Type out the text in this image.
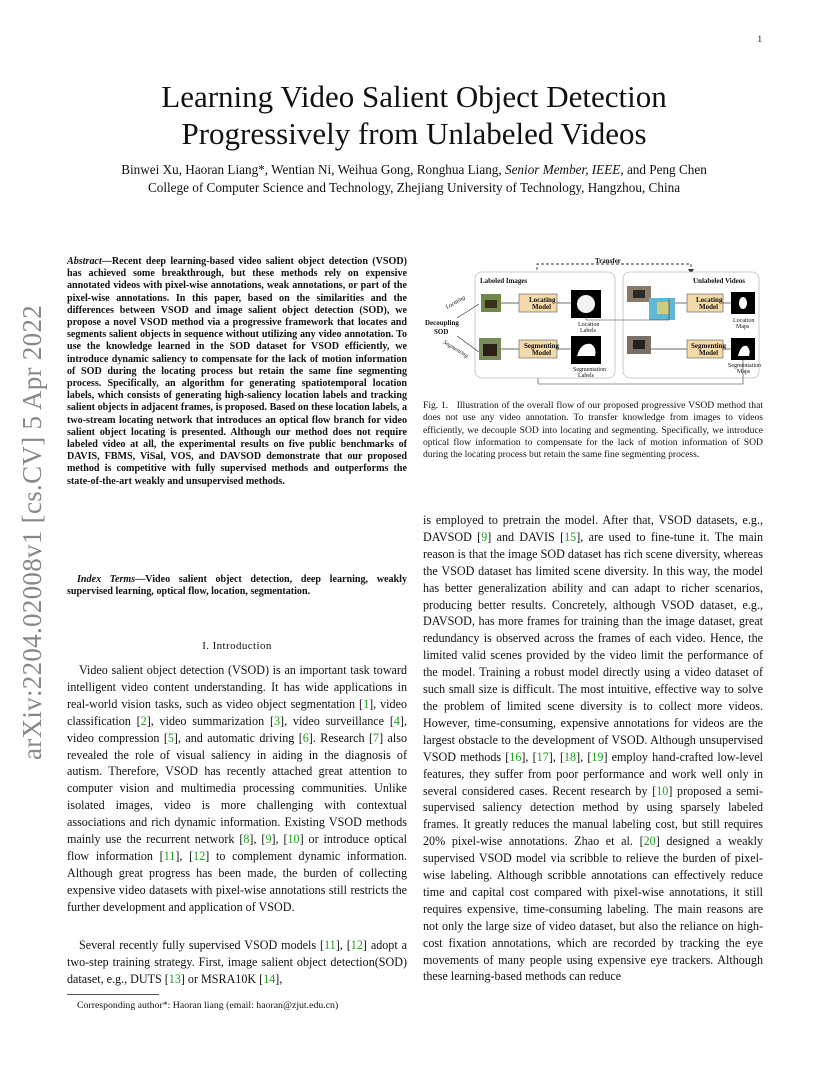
1
Learning Video Salient Object Detection
Progressively from Unlabeled Videos
Binwei Xu, Haoran Liang*, Wentian Ni, Weihua Gong, Ronghua Liang, Senior Member, IEEE, and Peng Chen
College of Computer Science and Technology, Zhejiang University of Technology, Hangzhou, China
arXiv:2204.02008v1 [cs.CV] 5 Apr 2022
Abstract—Recent deep learning-based video salient object detection (VSOD) has achieved some breakthrough, but these methods rely on expensive annotated videos with pixel-wise annotations, weak annotations, or part of the pixel-wise annotations. In this paper, based on the similarities and the differences between VSOD and image salient object detection (SOD), we propose a novel VSOD method via a progressive framework that locates and segments salient objects in sequence without utilizing any video annotation. To use the knowledge learned in the SOD dataset for VSOD efficiently, we introduce dynamic saliency to compensate for the lack of motion information of SOD during the locating process but retain the same fine segmenting process. Specifically, an algorithm for generating spatiotemporal location labels, which consists of generating high-saliency location labels and tracking salient objects in adjacent frames, is proposed. Based on these location labels, a two-stream locating network that introduces an optical flow branch for video salient object locating is presented. Although our method does not require labeled video at all, the experimental results on five public benchmarks of DAVIS, FBMS, ViSal, VOS, and DAVSOD demonstrate that our proposed method is competitive with fully supervised methods and outperforms the state-of-the-art weakly and unsupervised methods.
Index Terms—Video salient object detection, deep learning, weakly supervised learning, optical flow, location, segmentation.
I. Introduction
Video salient object detection (VSOD) is an important task toward intelligent video content understanding. It has wide applications in real-world vision tasks, such as video object segmentation [1], video classification [2], video summarization [3], video surveillance [4], video compression [5], and automatic driving [6]. Research [7] also revealed the role of visual saliency in aiding in the diagnosis of autism. Therefore, VSOD has recently attached great attention to computer vision and multimedia processing communities. Unlike isolated images, video is more challenging with contextual associations and rich dynamic information. Existing VSOD methods mainly use the recurrent network [8], [9], [10] or introduce optical flow information [11], [12] to complement dynamic information. Although great progress has been made, the burden of collecting expensive video datasets with pixel-wise annotations still restricts the further development and application of VSOD.
Several recently fully supervised VSOD models [11], [12] adopt a two-step training strategy. First, image salient object detection(SOD) dataset, e.g., DUTS [13] or MSRA10K [14],
Corresponding author*: Haoran liang (email: haoran@zjut.edu.cn)
Transfer
Labeled Images	Unlabeled Videos
Decoupling
SOD
Locating
Segmenting
Locating
Model
Location
Labels
Segmenting
Model
Segmentation
Labels
Locating
Model
Location
Maps
Segmenting
Model
Segmentation
Maps
Fig. 1. Illustration of the overall flow of our proposed progressive VSOD method that does not use any video annotation. To transfer knowledge from images to videos efficiently, we decouple SOD into locating and segmenting. Specifically, we introduce optical flow information to compensate for the lack of motion information of SOD during the locating process but retain the same fine segmenting process.
is employed to pretrain the model. After that, VSOD datasets, e.g., DAVSOD [9] and DAVIS [15], are used to fine-tune it. The main reason is that the image SOD dataset has rich scene diversity, whereas the VSOD dataset has limited scene diversity. In this way, the model has better generalization ability and can adapt to richer scenarios, producing better results. Concretely, although VSOD dataset, e.g., DAVSOD, has more frames for training than the image dataset, great redundancy is observed across the frames of each video. Hence, the limited valid scenes provided by the video limit the performance of the model. Training a robust model directly using a video dataset of such small size is difficult. The most intuitive, effective way to solve the problem of limited scene diversity is to collect more videos. However, time-consuming, expensive annotations for videos are the largest obstacle to the development of VSOD. Although unsupervised VSOD methods [16], [17], [18], [19] employ hand-crafted low-level features, they suffer from poor performance and work well only in several considered cases. Recent research by [10] proposed a semi-supervised saliency detection method by using sparsely labeled frames. It greatly reduces the manual labeling cost, but still requires 20% pixel-wise annotations. Zhao et al. [20] designed a weakly supervised VSOD model via scribble to relieve the burden of pixel-wise labeling. Although scribble annotations can effectively reduce time and capital cost compared with pixel-wise annotations, it still requires expensive, time-consuming labeling. The main reasons are not only the large size of video dataset, but also the reliance on high-cost fixation annotations, which are recorded by tracking the eye movements of many people using expensive eye trackers. Although these learning-based methods can reduce
